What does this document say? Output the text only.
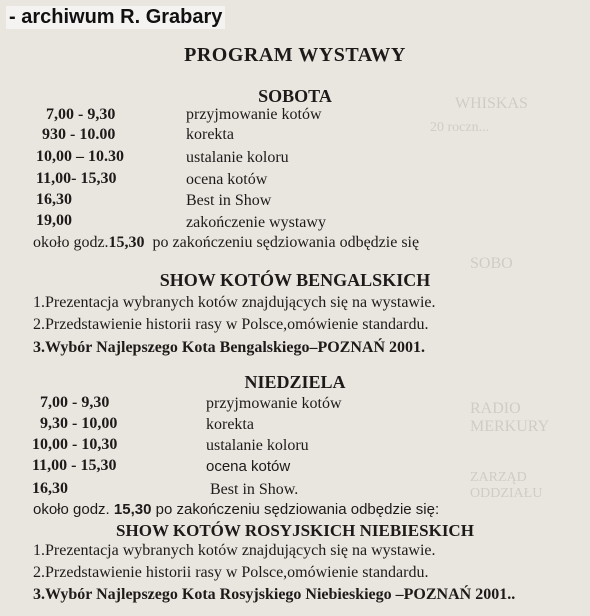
WHISKAS
20 roczn...
SOBO
RADIO MERKURY
ZARZĄD ODDZIAŁU
- archiwum R. Grabary
PROGRAM WYSTAWY
SOBOTA
7,00 - 9,30	przyjmowanie kotów
930 - 10.00	korekta
10,00 – 10.30	ustalanie koloru
11,00- 15,30	ocena kotów
16,30	Best in Show
19,00	zakończenie wystawy
około godz.15,30 po zakończeniu sędziowania odbędzie się
SHOW KOTÓW BENGALSKICH
1.Prezentacja wybranych kotów znajdujących się na wystawie.
2.Przedstawienie historii rasy w Polsce,omówienie standardu.
3.Wybór Najlepszego Kota Bengalskiego–POZNAŃ 2001.
NIEDZIELA
7,00 - 9,30	przyjmowanie kotów
9,30 - 10,00	korekta
10,00 - 10,30	ustalanie koloru
11,00 - 15,30	ocena kotów
16,30	Best in Show.
około godz. 15,30 po zakończeniu sędziowania odbędzie się:
SHOW KOTÓW ROSYJSKICH NIEBIESKICH
1.Prezentacja wybranych kotów znajdujących się na wystawie.
2.Przedstawienie historii rasy w Polsce,omówienie standardu.
3.Wybór Najlepszego Kota Rosyjskiego Niebieskiego –POZNAŃ 2001..
